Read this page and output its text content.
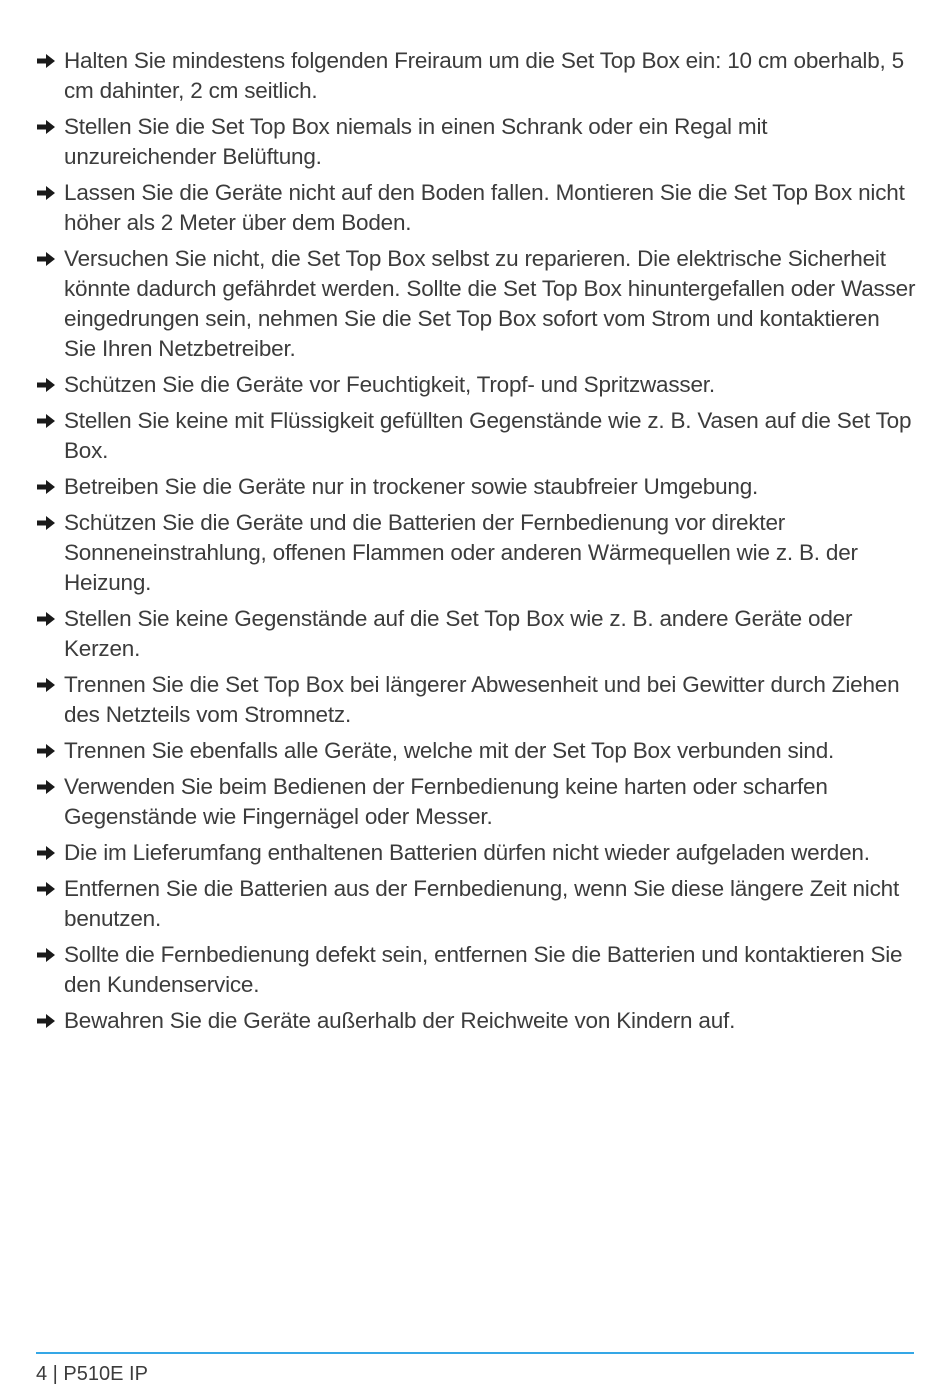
Halten Sie mindestens folgenden Freiraum um die Set Top Box ein: 10 cm oberhalb, 5 cm dahinter, 2 cm seitlich.
Stellen Sie die Set Top Box niemals in einen Schrank oder ein Regal mit unzureichender Belüftung.
Lassen Sie die Geräte nicht auf den Boden fallen. Montieren Sie die Set Top Box nicht höher als 2 Meter über dem Boden.
Versuchen Sie nicht, die Set Top Box selbst zu reparieren. Die elektrische Sicherheit könnte dadurch gefährdet werden. Sollte die Set Top Box hinuntergefallen oder Wasser eingedrungen sein, nehmen Sie die Set Top Box sofort vom Strom und kontaktieren Sie Ihren Netzbetreiber.
Schützen Sie die Geräte vor Feuchtigkeit, Tropf- und Spritzwasser.
Stellen Sie keine mit Flüssigkeit gefüllten Gegenstände wie z. B. Vasen auf die Set Top Box.
Betreiben Sie die Geräte nur in trockener sowie staubfreier Umgebung.
Schützen Sie die Geräte und die Batterien der Fernbedienung vor direkter Sonneneinstrahlung, offenen Flammen oder anderen Wärmequellen wie z. B. der Heizung.
Stellen Sie keine Gegenstände auf die Set Top Box wie z. B. andere Geräte oder Kerzen.
Trennen Sie die Set Top Box bei längerer Abwesenheit und bei Gewitter durch Ziehen des Netzteils vom Stromnetz.
Trennen Sie ebenfalls alle Geräte, welche mit der Set Top Box verbunden sind.
Verwenden Sie beim Bedienen der Fernbedienung keine harten oder scharfen Gegenstände wie Fingernägel oder Messer.
Die im Lieferumfang enthaltenen Batterien dürfen nicht wieder aufgeladen werden.
Entfernen Sie die Batterien aus der Fernbedienung, wenn Sie diese längere Zeit nicht benutzen.
Sollte die Fernbedienung defekt sein, entfernen Sie die Batterien und kontaktieren Sie den Kundenservice.
Bewahren Sie die Geräte außerhalb der Reichweite von Kindern auf.
4 | P510E IP
